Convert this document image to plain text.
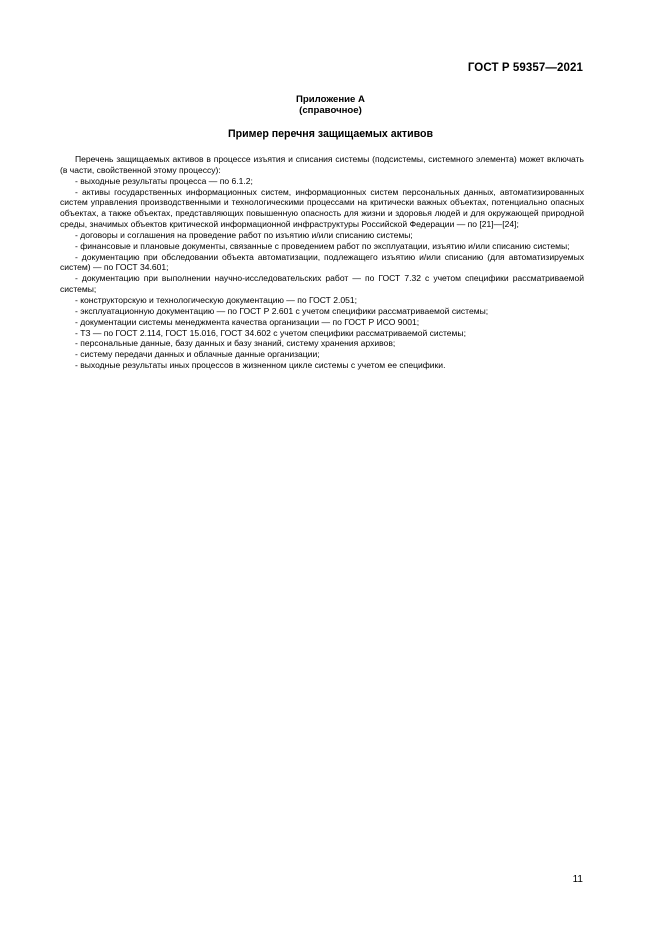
ГОСТ Р 59357—2021
Приложение А
(справочное)
Пример перечня защищаемых активов

Перечень защищаемых активов в процессе изъятия и списания системы (подсистемы, системного элемента) может включать (в части, свойственной этому процессу):

- выходные результаты процесса — по 6.1.2;

- активы государственных информационных систем, информационных систем персональных данных, автоматизированных систем управления производственными и технологическими процессами на критически важных объектах, потенциально опасных объектах, а также объектах, представляющих повышенную опасность для жизни и здоровья людей и для окружающей природной среды, значимых объектов критической информационной инфраструктуры Российской Федерации — по [21]—[24];

- договоры и соглашения на проведение работ по изъятию и/или списанию системы;

- финансовые и плановые документы, связанные с проведением работ по эксплуатации, изъятию и/или списанию системы;

- документацию при обследовании объекта автоматизации, подлежащего изъятию и/или списанию (для автоматизируемых систем) — по ГОСТ 34.601;

- документацию при выполнении научно-исследовательских работ — по ГОСТ 7.32 с учетом специфики рассматриваемой системы;

- конструкторскую и технологическую документацию — по ГОСТ 2.051;

- эксплуатационную документацию — по ГОСТ Р 2.601 с учетом специфики рассматриваемой системы;

- документации системы менеджмента качества организации — по ГОСТ Р ИСО 9001;

- ТЗ — по ГОСТ 2.114, ГОСТ 15.016, ГОСТ 34.602 с учетом специфики рассматриваемой системы;

- персональные данные, базу данных и базу знаний, систему хранения архивов;

- систему передачи данных и облачные данные организации;

- выходные результаты иных процессов в жизненном цикле системы с учетом ее специфики.

11
